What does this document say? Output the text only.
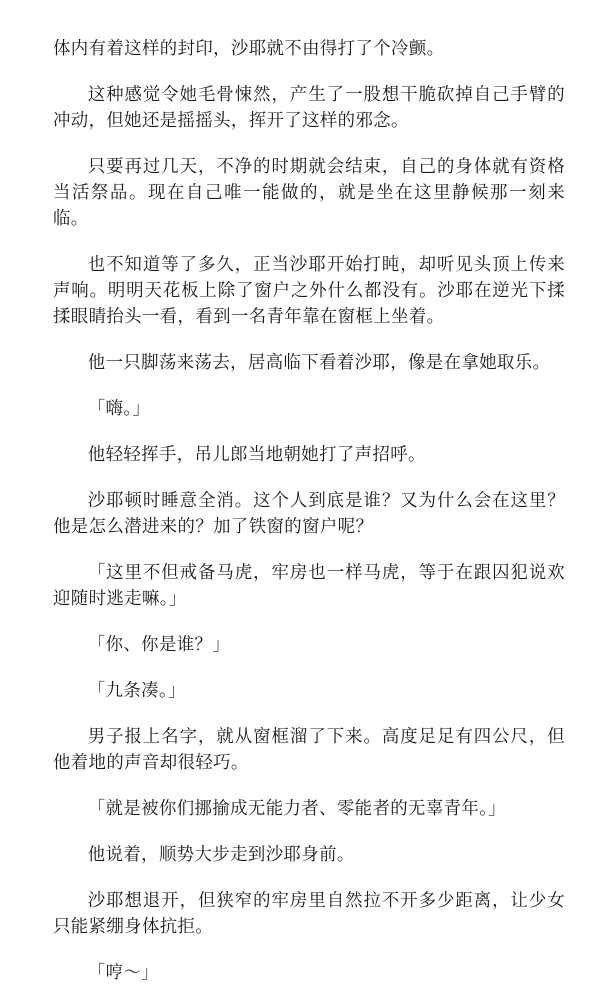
体内有着这样的封印，沙耶就不由得打了个冷颤。

这种感觉令她毛骨悚然，产生了一股想干脆砍掉自己手臂的冲动，但她还是摇摇头，挥开了这样的邪念。

只要再过几天，不净的时期就会结束，自己的身体就有资格当活祭品。现在自己唯一能做的，就是坐在这里静候那一刻来临。

也不知道等了多久，正当沙耶开始打盹，却听见头顶上传来声响。明明天花板上除了窗户之外什么都没有。沙耶在逆光下揉揉眼睛抬头一看，看到一名青年靠在窗框上坐着。

他一只脚荡来荡去，居高临下看着沙耶，像是在拿她取乐。

「嗨。」

他轻轻挥手，吊儿郎当地朝她打了声招呼。

沙耶顿时睡意全消。这个人到底是谁？又为什么会在这里？他是怎么潜进来的？加了铁窗的窗户呢？

「这里不但戒备马虎，牢房也一样马虎，等于在跟囚犯说欢迎随时逃走嘛。」

「你、你是谁？」

「九条凑。」

男子报上名字，就从窗框溜了下来。高度足足有四公尺，但他着地的声音却很轻巧。

「就是被你们挪揄成无能力者、零能者的无辜青年。」

他说着，顺势大步走到沙耶身前。

沙耶想退开，但狭窄的牢房里自然拉不开多少距离，让少女只能紧绷身体抗拒。

「哼～」
